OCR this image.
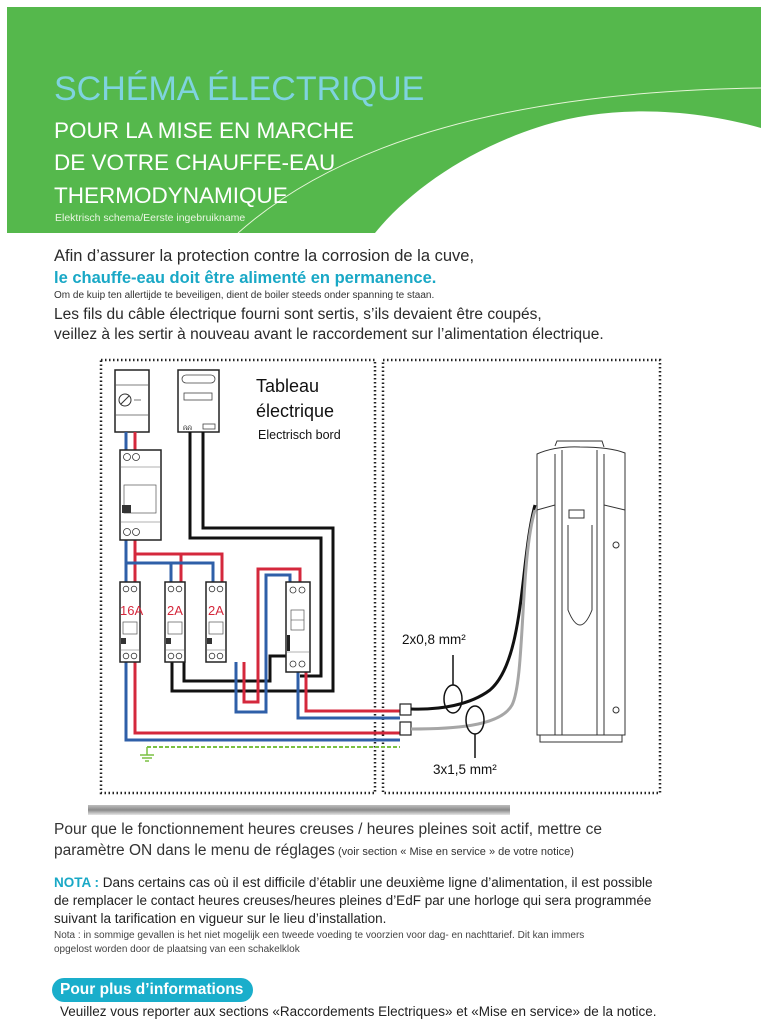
SCHÉMA ÉLECTRIQUE
POUR LA MISE EN MARCHE
DE VOTRE CHAUFFE-EAU
THERMODYNAMIQUE
Elektrisch schema/Eerste ingebruikname
Afin d’assurer la protection contre la corrosion de la cuve,
le chauffe-eau doit être alimenté en permanence.
Om de kuip ten allertijde te beveiligen, dient de boiler steeds onder spanning te staan.
Les fils du câble électrique fourni sont sertis, s’ils devaient être coupés,
veillez à les sertir à nouveau avant le raccordement sur l’alimentation électrique.
ᕱᕱ
Tableau
électrique
Electrisch bord
16A 2A 2A
2x0,8 mm²
3x1,5 mm²
Pour que le fonctionnement heures creuses / heures pleines soit actif, mettre ce
paramètre ON dans le menu de réglages (voir section « Mise en service » de votre notice)
NOTA : Dans certains cas où il est difficile d’établir une deuxième ligne d’alimentation, il est possible
de remplacer le contact heures creuses/heures pleines d’EdF par une horloge qui sera programmée
suivant la tarification en vigueur sur le lieu d’installation.
Nota : in sommige gevallen is het niet mogelijk een tweede voeding te voorzien voor dag- en nachttarief. Dit kan immers
opgelost worden door de plaatsing van een schakelklok
Pour plus d’informations
Veuillez vous reporter aux sections «Raccordements Electriques» et «Mise en service» de la notice.
